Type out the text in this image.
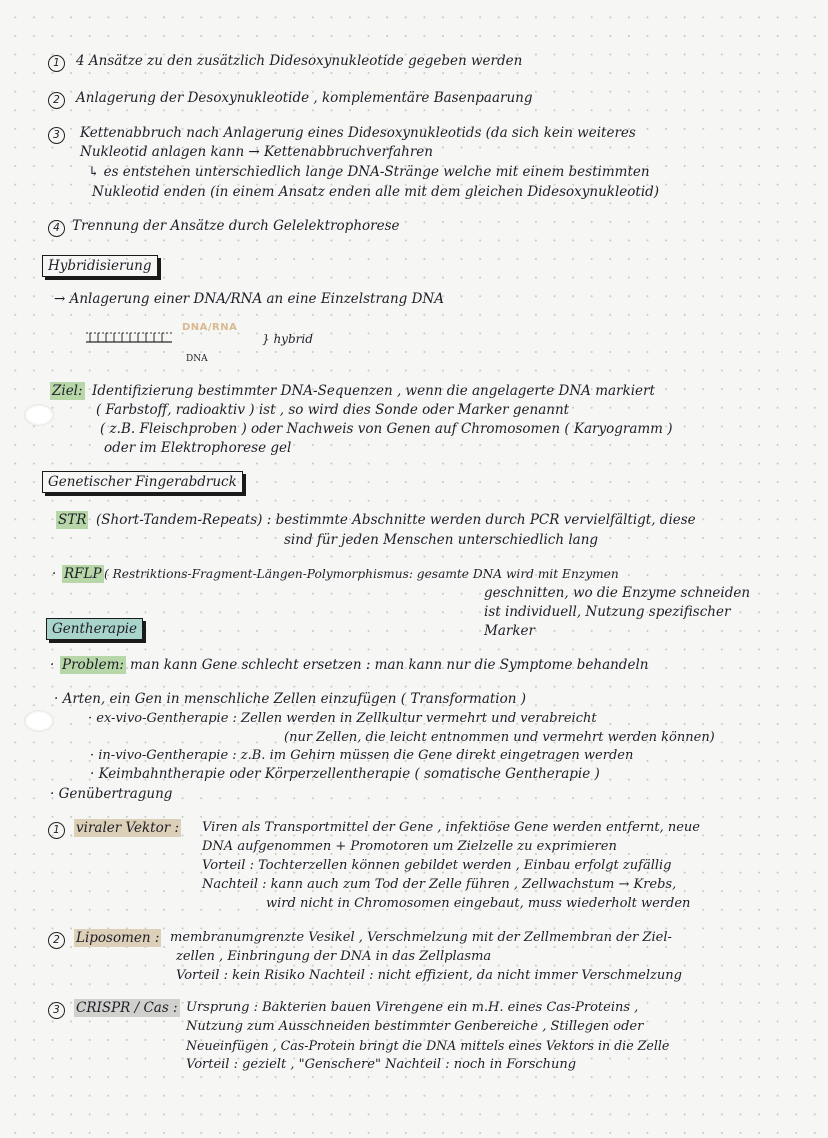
1	4 Ansätze zu den zusätzlich Didesoxynukleotide gegeben werden
2	Anlagerung der Desoxynukleotide , komplementäre Basenpaarung
3	Kettenabbruch nach Anlagerung eines Didesoxynukleotids (da sich kein weiteres
Nukleotid anlagen kann → Kettenabbruchverfahren
↳ es entstehen unterschiedlich lange DNA-Stränge welche mit einem bestimmten
Nukleotid enden (in einem Ansatz enden alle mit dem gleichen Didesoxynukleotid)
4 Trennung der Ansätze durch Gelelektrophorese
Hybridisierung
→ Anlagerung einer DNA/RNA an eine Einzelstrang DNA
DNA/RNA
} hybrid
DNA
Ziel: Identifizierung bestimmter DNA-Sequenzen , wenn die angelagerte DNA markiert
( Farbstoff, radioaktiv ) ist , so wird dies Sonde oder Marker genannt
( z.B. Fleischproben ) oder Nachweis von Genen auf Chromosomen ( Karyogramm )
oder im Elektrophorese gel
Genetischer Fingerabdruck
STR (Short-Tandem-Repeats) : bestimmte Abschnitte werden durch PCR vervielfältigt, diese
sind für jeden Menschen unterschiedlich lang
· RFLP ( Restriktions-Fragment-Längen-Polymorphismus: gesamte DNA wird mit Enzymen
geschnitten, wo die Enzyme schneiden
ist individuell, Nutzung spezifischer
Marker
Gentherapie
· Problem: man kann Gene schlecht ersetzen : man kann nur die Symptome behandeln
· Arten, ein Gen in menschliche Zellen einzufügen ( Transformation )
· ex-vivo-Gentherapie : Zellen werden in Zellkultur vermehrt und verabreicht
(nur Zellen, die leicht entnommen und vermehrt werden können)
· in-vivo-Gentherapie : z.B. im Gehirn müssen die Gene direkt eingetragen werden
· Keimbahntherapie oder Körperzellentherapie ( somatische Gentherapie )
· Genübertragung
1	viraler Vektor : Viren als Transportmittel der Gene , infektiöse Gene werden entfernt, neue
DNA aufgenommen + Promotoren um Zielzelle zu exprimieren
Vorteil : Tochterzellen können gebildet werden , Einbau erfolgt zufällig
Nachteil : kann auch zum Tod der Zelle führen , Zellwachstum → Krebs,
wird nicht in Chromosomen eingebaut, muss wiederholt werden
2	Liposomen : membranumgrenzte Vesikel , Verschmelzung mit der Zellmembran der Ziel-
zellen , Einbringung der DNA in das Zellplasma
Vorteil : kein Risiko Nachteil : nicht effizient, da nicht immer Verschmelzung
3	CRISPR / Cas : Ursprung : Bakterien bauen Virengene ein m.H. eines Cas-Proteins ,
Nutzung zum Ausschneiden bestimmter Genbereiche , Stillegen oder
Neueinfügen , Cas-Protein bringt die DNA mittels eines Vektors in die Zelle
Vorteil : gezielt , "Genschere" Nachteil : noch in Forschung
